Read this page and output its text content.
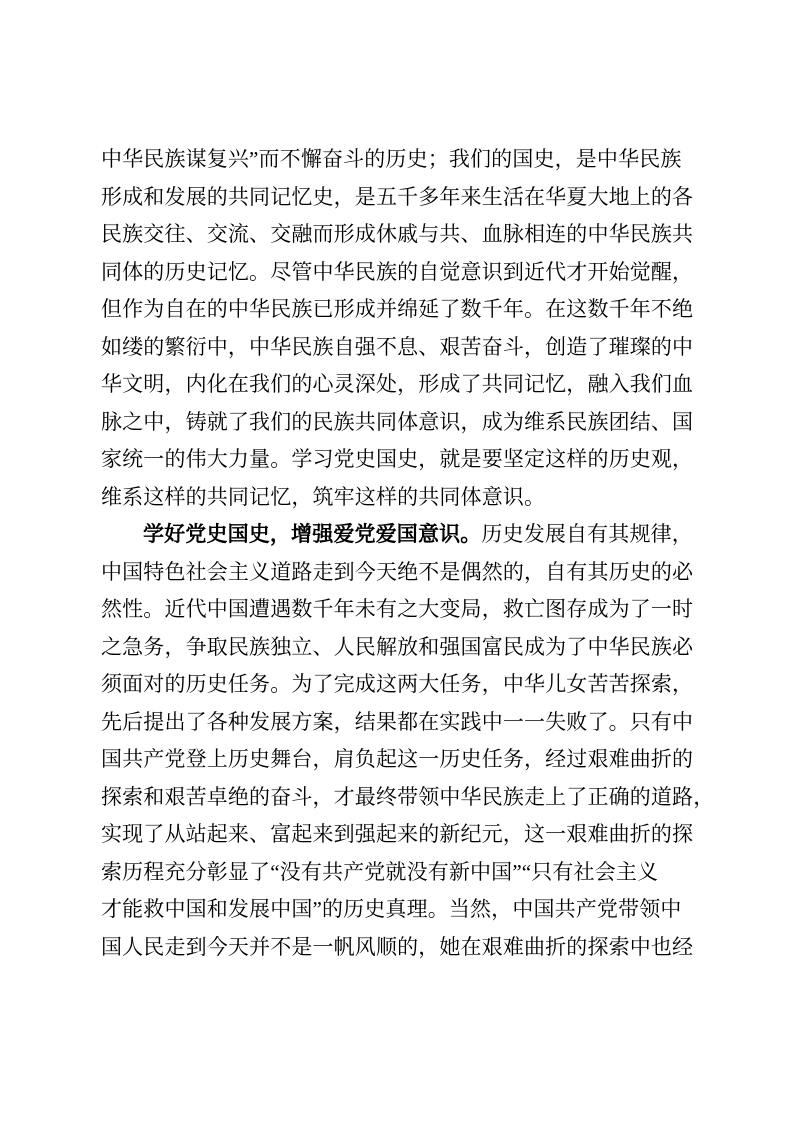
中华民族谋复兴”而不懈奋斗的历史；我们的国史，是中华民族
形成和发展的共同记忆史，是五千多年来生活在华夏大地上的各
民族交往、交流、交融而形成休戚与共、血脉相连的中华民族共
同体的历史记忆。尽管中华民族的自觉意识到近代才开始觉醒，
但作为自在的中华民族已形成并绵延了数千年。在这数千年不绝
如缕的繁衍中，中华民族自强不息、艰苦奋斗，创造了璀璨的中
华文明，内化在我们的心灵深处，形成了共同记忆，融入我们血
脉之中，铸就了我们的民族共同体意识，成为维系民族团结、国
家统一的伟大力量。学习党史国史，就是要坚定这样的历史观，
维系这样的共同记忆，筑牢这样的共同体意识。
学好党史国史，增强爱党爱国意识。历史发展自有其规律，
中国特色社会主义道路走到今天绝不是偶然的，自有其历史的必
然性。近代中国遭遇数千年未有之大变局，救亡图存成为了一时
之急务，争取民族独立、人民解放和强国富民成为了中华民族必
须面对的历史任务。为了完成这两大任务，中华儿女苦苦探索，
先后提出了各种发展方案，结果都在实践中一一失败了。只有中
国共产党登上历史舞台，肩负起这一历史任务，经过艰难曲折的
探索和艰苦卓绝的奋斗，才最终带领中华民族走上了正确的道路，
实现了从站起来、富起来到强起来的新纪元，这一艰难曲折的探
索历程充分彰显了“没有共产党就没有新中国”“只有社会主义
才能救中国和发展中国”的历史真理。当然，中国共产党带领中
国人民走到今天并不是一帆风顺的，她在艰难曲折的探索中也经
